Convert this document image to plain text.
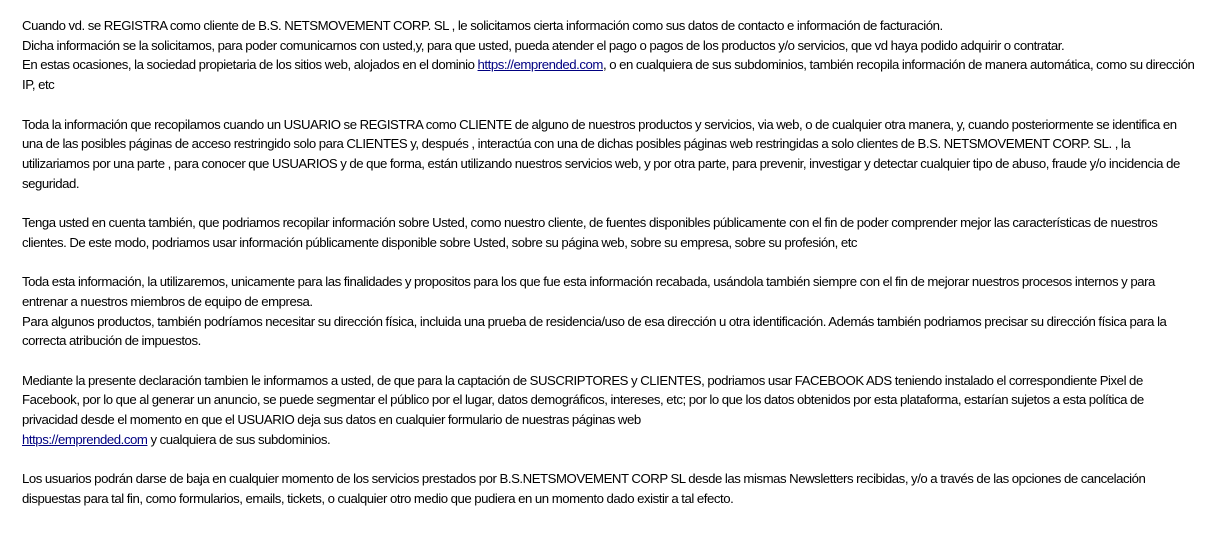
Cuando vd. se REGISTRA como cliente de B.S. NETSMOVEMENT CORP. SL , le solicitamos cierta información como sus datos de contacto e información de facturación.
Dicha información se la solicitamos, para poder comunicarnos con usted,y, para que usted, pueda atender el pago o pagos de los productos y/o servicios, que vd haya podido adquirir o contratar.
En estas ocasiones, la sociedad propietaria de los sitios web, alojados en el dominio https://emprended.com, o en cualquiera de sus subdominios, también recopila información de manera automática, como su dirección IP, etc
Toda la información que recopilamos cuando un USUARIO se REGISTRA como CLIENTE de alguno de nuestros productos y servicios, via web, o de cualquier otra manera, y, cuando posteriormente se identifica en una de las posibles páginas de acceso restringido solo para CLIENTES y, después , interactúa con una de dichas posibles páginas web restringidas a solo clientes de B.S. NETSMOVEMENT CORP. SL. , la utilizariamos por una parte , para conocer que USUARIOS y de que forma, están utilizando nuestros servicios web, y por otra parte, para prevenir, investigar y detectar cualquier tipo de abuso, fraude y/o incidencia de seguridad.
Tenga usted en cuenta también, que podriamos recopilar información sobre Usted, como nuestro cliente, de fuentes disponibles públicamente con el fin de poder comprender mejor las características de nuestros clientes. De este modo, podriamos usar información públicamente disponible sobre Usted, sobre su página web, sobre su empresa, sobre su profesión, etc
Toda esta información, la utilizaremos, unicamente para las finalidades y propositos para los que fue esta información recabada, usándola también siempre con el fin de mejorar nuestros procesos internos y para entrenar a nuestros miembros de equipo de empresa.
Para algunos productos, también podríamos necesitar su dirección física, incluida una prueba de residencia/uso de esa dirección u otra identificación. Además también podriamos precisar su dirección física para la correcta atribución de impuestos.
Mediante la presente declaración tambien le informamos a usted, de que para la captación de SUSCRIPTORES y CLIENTES, podriamos usar FACEBOOK ADS teniendo instalado el correspondiente Pixel de Facebook, por lo que al generar un anuncio, se puede segmentar el público por el lugar, datos demográficos, intereses, etc; por lo que los datos obtenidos por esta plataforma, estarían sujetos a esta política de privacidad desde el momento en que el USUARIO deja sus datos en cualquier formulario de nuestras páginas web
https://emprended.com y cualquiera de sus subdominios.
Los usuarios podrán darse de baja en cualquier momento de los servicios prestados por B.S.NETSMOVEMENT CORP SL desde las mismas Newsletters recibidas, y/o a través de las opciones de cancelación dispuestas para tal fin, como formularios, emails, tickets, o cualquier otro medio que pudiera en un momento dado existir a tal efecto.
